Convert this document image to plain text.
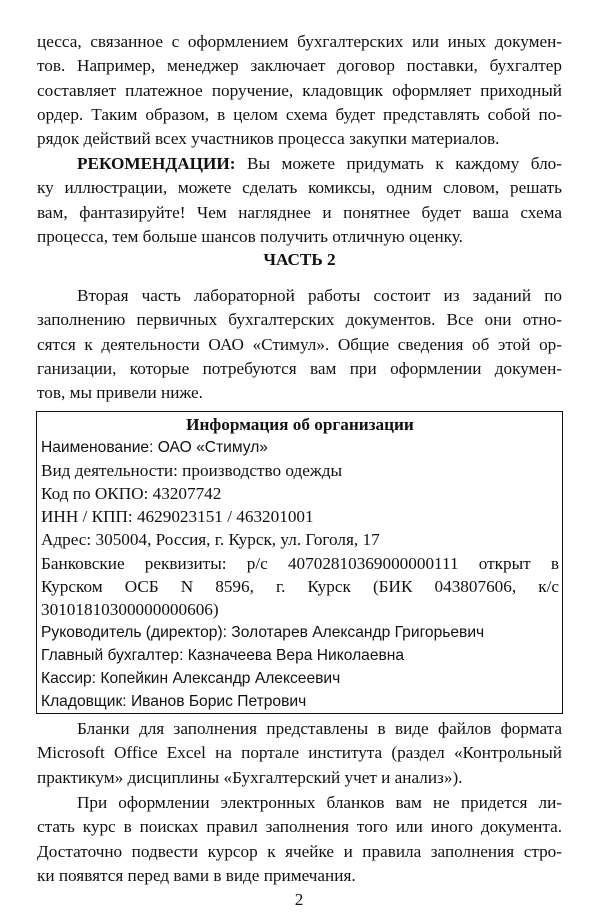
цесса, связанное с оформлением бухгалтерских или иных докумен-
тов. Например, менеджер заключает договор поставки, бухгалтер
составляет платежное поручение, кладовщик оформляет приходный
ордер. Таким образом, в целом схема будет представлять собой по-
рядок действий всех участников процесса закупки материалов.
РЕКОМЕНДАЦИИ: Вы можете придумать к каждому бло-
ку иллюстрации, можете сделать комиксы, одним словом, решать
вам, фантазируйте! Чем нагляднее и понятнее будет ваша схема
процесса, тем больше шансов получить отличную оценку.
ЧАСТЬ 2
Вторая часть лабораторной работы состоит из заданий по
заполнению первичных бухгалтерских документов. Все они отно-
сятся к деятельности ОАО «Стимул». Общие сведения об этой ор-
ганизации, которые потребуются вам при оформлении докумен-
тов, мы привели ниже.
Информация об организации
Наименование: ОАО «Стимул»
Вид деятельности: производство одежды
Код по ОКПО: 43207742
ИНН / КПП: 4629023151 / 463201001
Адрес: 305004, Россия, г. Курск, ул. Гоголя, 17
Банковские реквизиты: р/с 40702810369000000111 открыт в
Курском ОСБ N 8596, г. Курск (БИК 043807606, к/с
30101810300000000606)
Руководитель (директор): Золотарев Александр Григорьевич
Главный бухгалтер: Казначеева Вера Николаевна
Кассир: Копейкин Александр Алексеевич
Кладовщик: Иванов Борис Петрович
Бланки для заполнения представлены в виде файлов формата
Microsoft Office Excel на портале института (раздел «Контрольный
практикум» дисциплины «Бухгалтерский учет и анализ»).
При оформлении электронных бланков вам не придется ли-
стать курс в поисках правил заполнения того или иного документа.
Достаточно подвести курсор к ячейке и правила заполнения стро-
ки появятся перед вами в виде примечания.
2
